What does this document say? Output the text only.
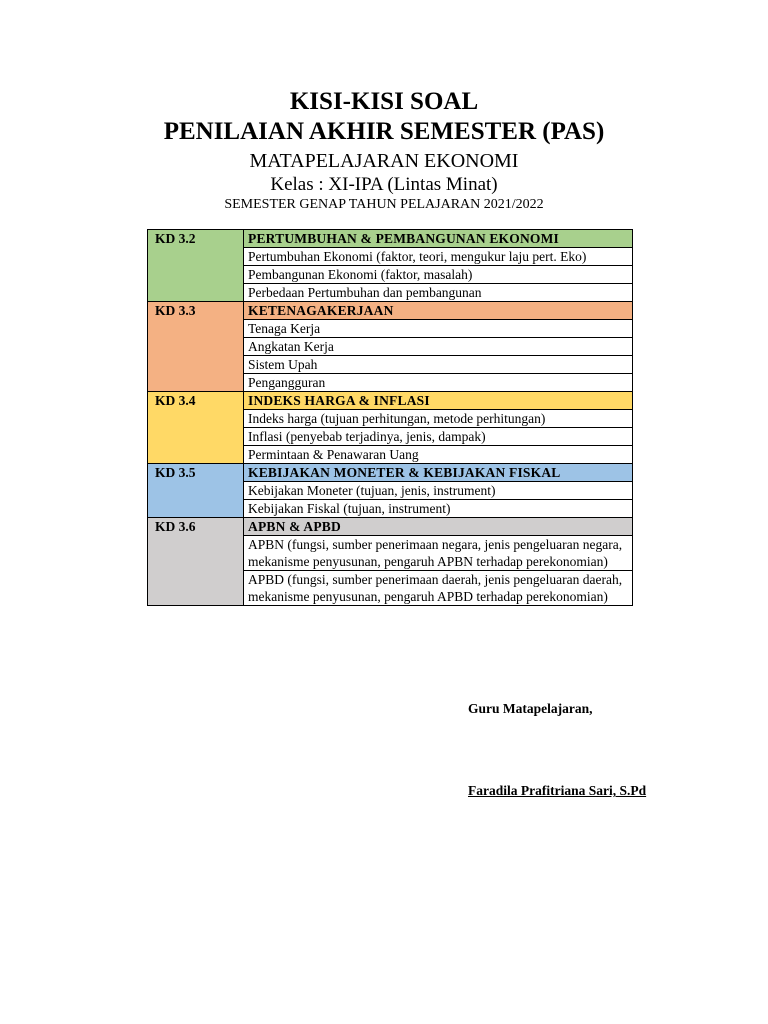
KISI-KISI SOAL
PENILAIAN AKHIR SEMESTER (PAS)
MATAPELAJARAN EKONOMI
Kelas : XI-IPA (Lintas Minat)
SEMESTER GENAP TAHUN PELAJARAN 2021/2022
KD 3.2	PERTUMBUHAN & PEMBANGUNAN EKONOMI
	Pertumbuhan Ekonomi (faktor, teori, mengukur laju pert. Eko)
	Pembangunan Ekonomi (faktor, masalah)
	Perbedaan Pertumbuhan dan pembangunan
KD 3.3	KETENAGAKERJAAN
	Tenaga Kerja
	Angkatan Kerja
	Sistem Upah
	Pengangguran
KD 3.4	INDEKS HARGA & INFLASI
	Indeks harga (tujuan perhitungan, metode perhitungan)
	Inflasi (penyebab terjadinya, jenis, dampak)
	Permintaan & Penawaran Uang
KD 3.5	KEBIJAKAN MONETER & KEBIJAKAN FISKAL
	Kebijakan Moneter (tujuan, jenis, instrument)
	Kebijakan Fiskal (tujuan, instrument)
KD 3.6	APBN & APBD
	APBN (fungsi, sumber penerimaan negara, jenis pengeluaran negara, mekanisme penyusunan, pengaruh APBN terhadap perekonomian)
	APBD (fungsi, sumber penerimaan daerah, jenis pengeluaran daerah, mekanisme penyusunan, pengaruh APBD terhadap perekonomian)
Guru Matapelajaran,
Faradila Prafitriana Sari, S.Pd
